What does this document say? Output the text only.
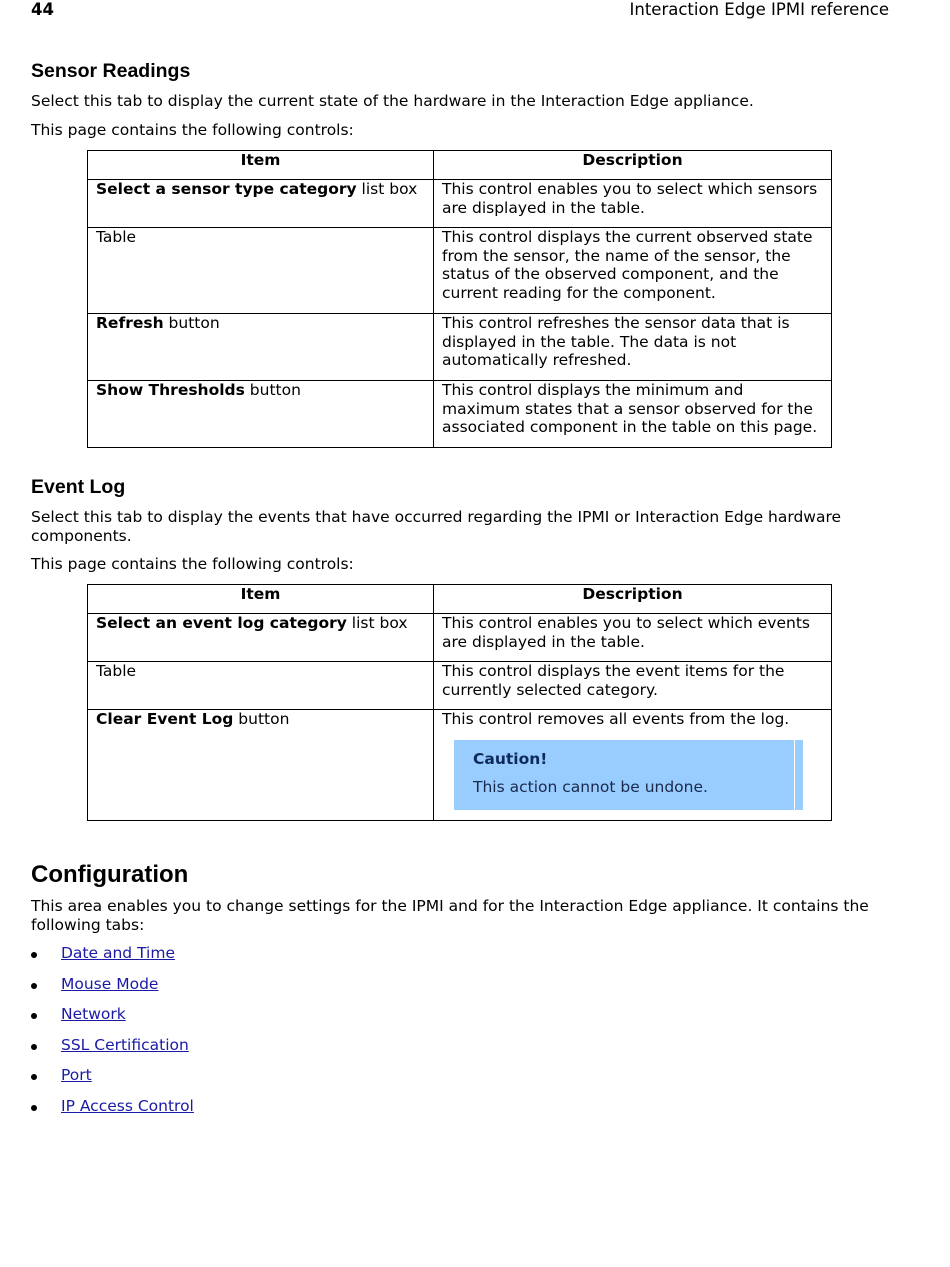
44	Interaction Edge IPMI reference
Sensor Readings

Select this tab to display the current state of the hardware in the Interaction Edge appliance.

This page contains the following controls:

Item	Description
Select a sensor type category list box	This control enables you to select which sensors are displayed in the table.
Table	This control displays the current observed state from the sensor, the name of the sensor, the status of the observed component, and the current reading for the component.
Refresh button	This control refreshes the sensor data that is displayed in the table. The data is not automatically refreshed.
Show Thresholds button	This control displays the minimum and maximum states that a sensor observed for the associated component in the table on this page.
Event Log

Select this tab to display the events that have occurred regarding the IPMI or Interaction Edge hardware components.

This page contains the following controls:

Item	Description
Select an event log category list box	This control enables you to select which events are displayed in the table.
Table	This control displays the event items for the currently selected category.
Clear Event Log button	This control removes all events from the log.
Caution!
This action cannot be undone.
Configuration

This area enables you to change settings for the IPMI and for the Interaction Edge appliance. It contains the following tabs:

Date and Time
Mouse Mode
Network
SSL Certification
Port
IP Access Control
